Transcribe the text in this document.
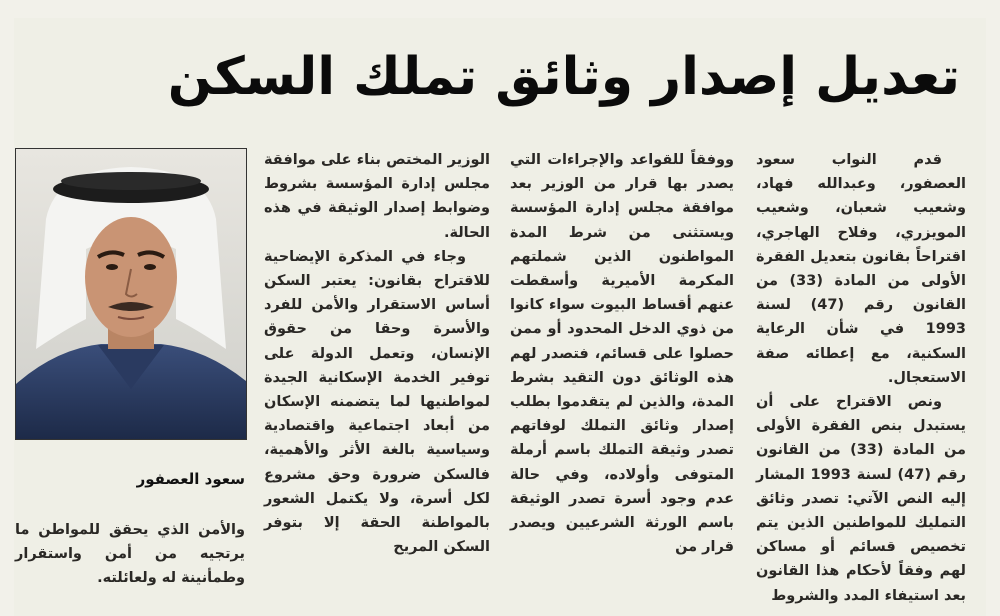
تعديل إصدار وثائق تملك السكن

قدم النواب سعود العصفور، وعبدالله فهاد، وشعيب شعبان، وشعيب المويزري، وفلاح الهاجري، اقتراحاً بقانون بتعديل الفقرة الأولى من المادة (33) من القانون رقم (47) لسنة 1993 في شأن الرعاية السكنية، مع إعطائه صفة الاستعجال.

ونص الاقتراح على أن يستبدل بنص الفقرة الأولى من المادة (33) من القانون رقم (47) لسنة 1993 المشار إليه النص الآتي: تصدر وثائق التمليك للمواطنين الذين يتم تخصيص قسائم أو مساكن لهم وفقاً لأحكام هذا القانون بعد استيفاء المدد والشروط

ووفقاً للقواعد والإجراءات التي يصدر بها قرار من الوزير بعد موافقة مجلس إدارة المؤسسة ويستثنى من شرط المدة المواطنون الذين شملتهم المكرمة الأميرية وأسقطت عنهم أقساط البيوت سواء كانوا من ذوي الدخل المحدود أو ممن حصلوا على قسائم، فتصدر لهم هذه الوثائق دون التقيد بشرط المدة، والذين لم يتقدموا بطلب إصدار وثائق التملك لوفاتهم تصدر وثيقة التملك باسم أرملة المتوفى وأولاده، وفي حالة عدم وجود أسرة تصدر الوثيقة باسم الورثة الشرعيين ويصدر قرار من

الوزير المختص بناء على موافقة مجلس إدارة المؤسسة بشروط وضوابط إصدار الوثيقة في هذه الحالة.

وجاء في المذكرة الإيضاحية للاقتراح بقانون: يعتبر السكن أساس الاستقرار والأمن للفرد والأسرة وحقا من حقوق الإنسان، وتعمل الدولة على توفير الخدمة الإسكانية الجيدة لمواطنيها لما يتضمنه الإسكان من أبعاد اجتماعية واقتصادية وسياسية بالغة الأثر والأهمية، فالسكن ضرورة وحق مشروع لكل أسرة، ولا يكتمل الشعور بالمواطنة الحقة إلا بتوفر السكن المريح

سعود العصفور

والأمن الذي يحقق للمواطن ما يرتجيه من أمن واستقرار وطمأنينة له ولعائلته.
